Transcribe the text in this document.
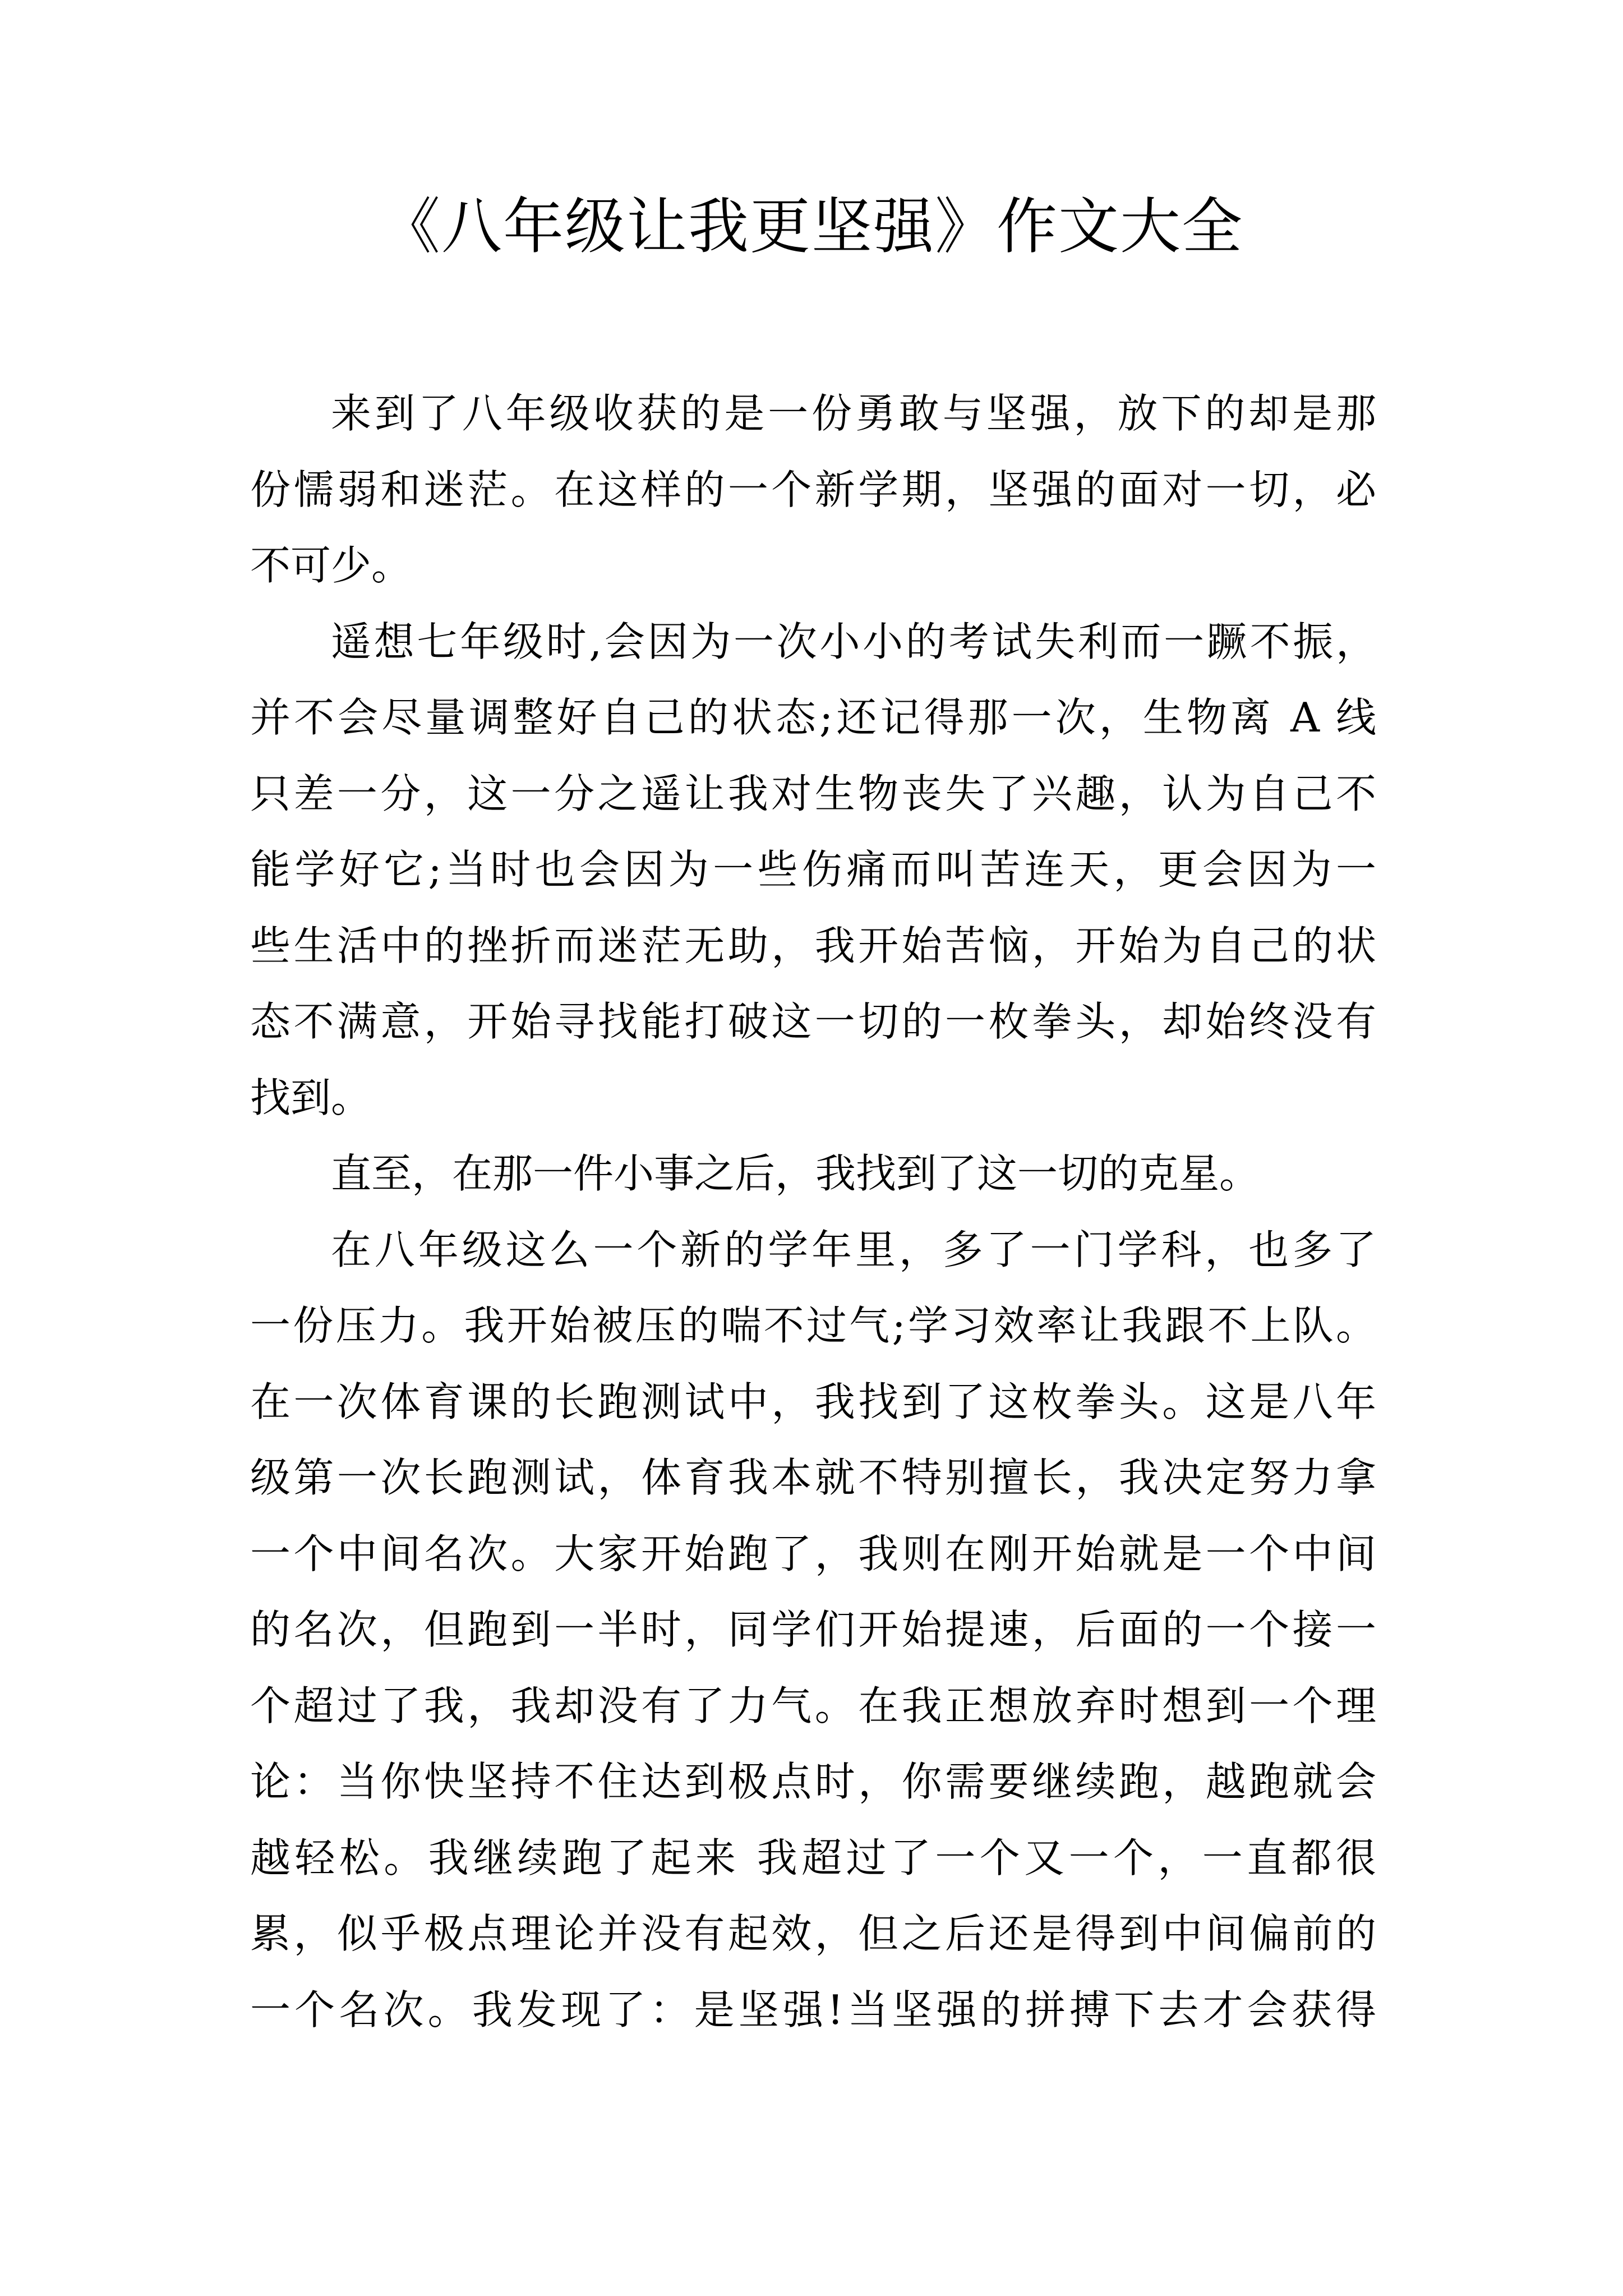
《八年级让我更坚强》作文大全

来到了八年级收获的是一份勇敢与坚强，放下的却是那
份懦弱和迷茫。在这样的一个新学期，坚强的面对一切，必
不可少。

遥想七年级时,会因为一次小小的考试失利而一蹶不振，
并不会尽量调整好自己的状态;还记得那一次，生物离 A 线
只差一分，这一分之遥让我对生物丧失了兴趣，认为自己不
能学好它;当时也会因为一些伤痛而叫苦连天，更会因为一
些生活中的挫折而迷茫无助，我开始苦恼，开始为自己的状
态不满意，开始寻找能打破这一切的一枚拳头，却始终没有
找到。

直至，在那一件小事之后，我找到了这一切的克星。

在八年级这么一个新的学年里，多了一门学科，也多了
一份压力。我开始被压的喘不过气;学习效率让我跟不上队。
在一次体育课的长跑测试中，我找到了这枚拳头。这是八年
级第一次长跑测试，体育我本就不特别擅长，我决定努力拿
一个中间名次。大家开始跑了，我则在刚开始就是一个中间
的名次，但跑到一半时，同学们开始提速，后面的一个接一
个超过了我，我却没有了力气。在我正想放弃时想到一个理
论：当你快坚持不住达到极点时，你需要继续跑，越跑就会
越轻松。我继续跑了起来 我超过了一个又一个，一直都很
累，似乎极点理论并没有起效，但之后还是得到中间偏前的
一个名次。我发现了：是坚强!当坚强的拼搏下去才会获得
